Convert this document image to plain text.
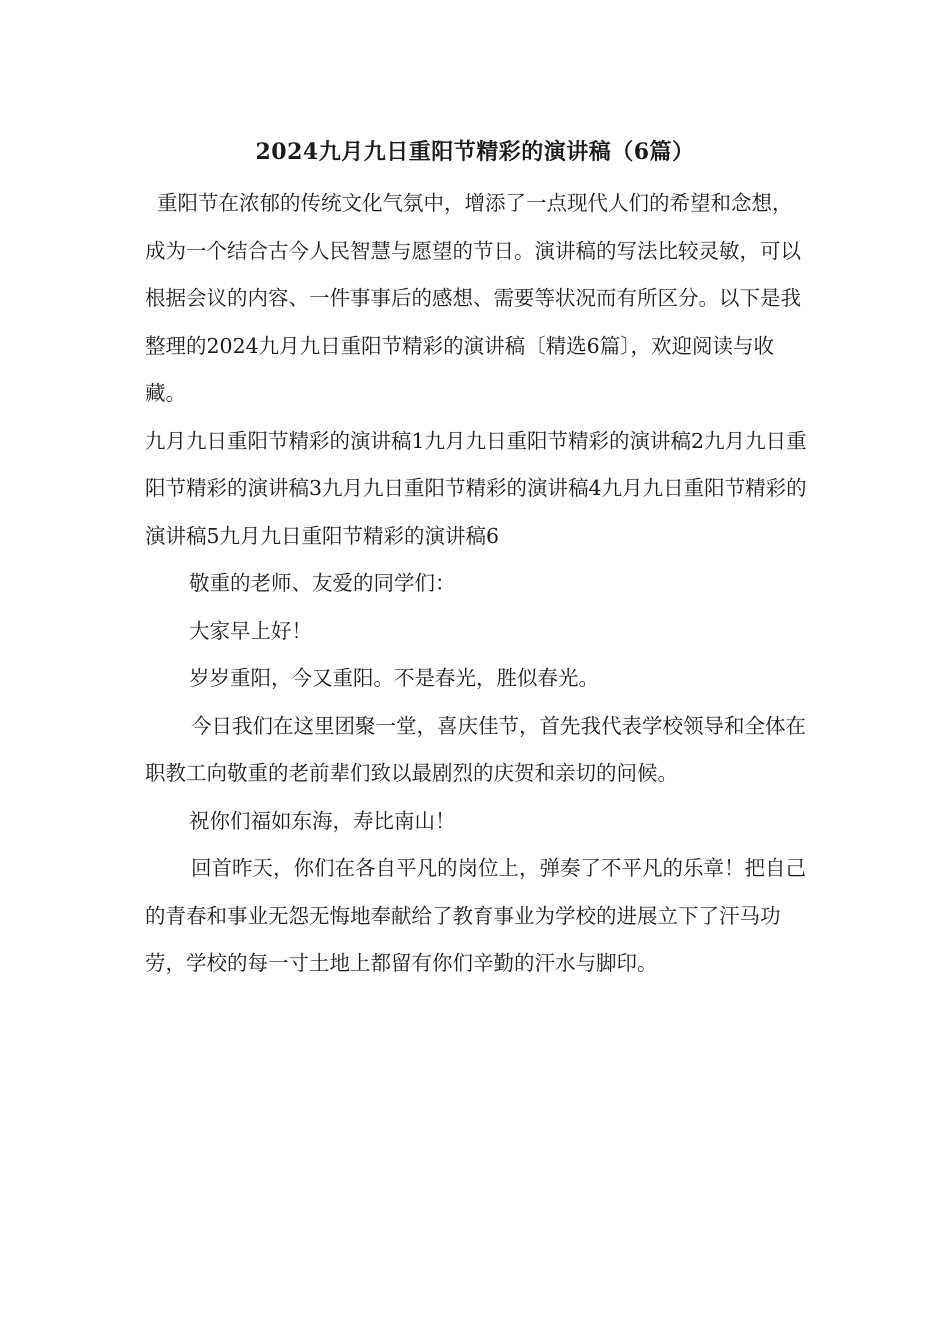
2024九月九日重阳节精彩的演讲稿（6篇）

重阳节在浓郁的传统文化气氛中，增添了一点现代人们的希望和念想，成为一个结合古今人民智慧与愿望的节日。演讲稿的写法比较灵敏，可以根据会议的内容、一件事事后的感想、需要等状况而有所区分。以下是我整理的2024九月九日重阳节精彩的演讲稿〔精选6篇〕，欢迎阅读与收藏。

九月九日重阳节精彩的演讲稿1九月九日重阳节精彩的演讲稿2九月九日重阳节精彩的演讲稿3九月九日重阳节精彩的演讲稿4九月九日重阳节精彩的演讲稿5九月九日重阳节精彩的演讲稿6

敬重的老师、友爱的同学们：

大家早上好！

岁岁重阳，今又重阳。不是春光，胜似春光。

今日我们在这里团聚一堂，喜庆佳节，首先我代表学校领导和全体在职教工向敬重的老前辈们致以最剧烈的庆贺和亲切的问候。

祝你们福如东海，寿比南山！

回首昨天，你们在各自平凡的岗位上，弹奏了不平凡的乐章！把自己的青春和事业无怨无悔地奉献给了教育事业为学校的进展立下了汗马功劳，学校的每一寸土地上都留有你们辛勤的汗水与脚印。
